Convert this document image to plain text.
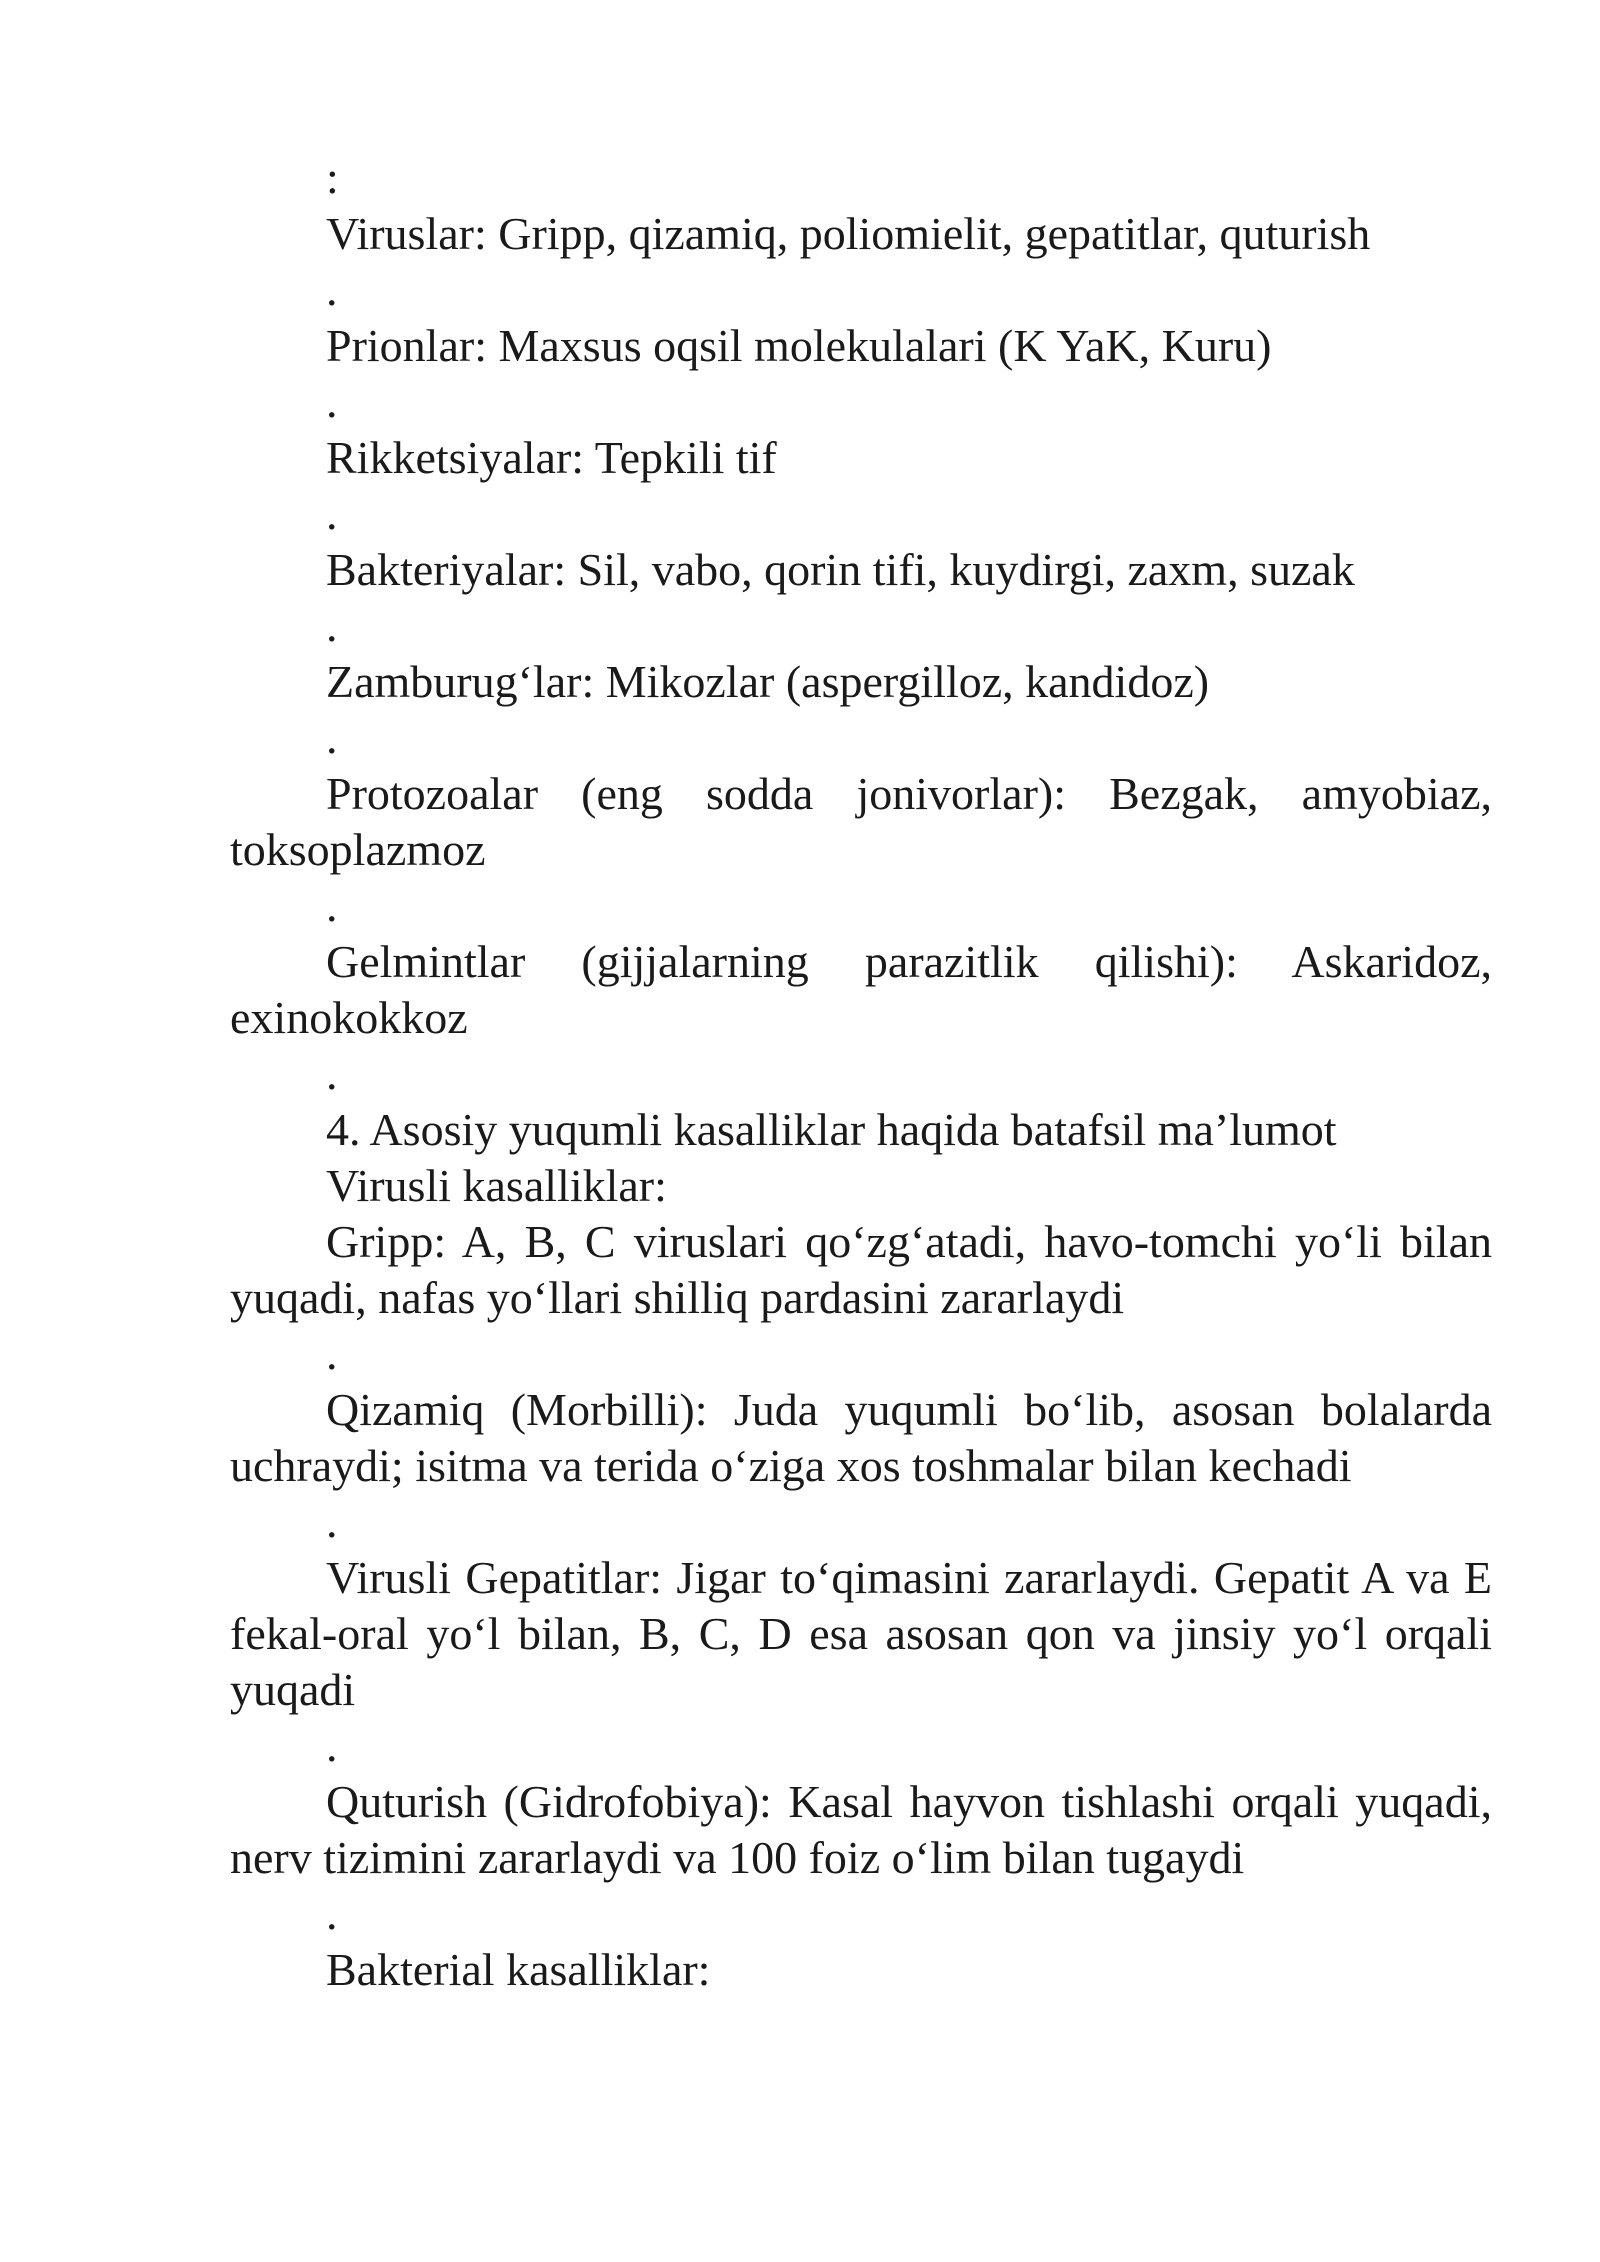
:

Viruslar: Gripp, qizamiq, poliomielit, gepatitlar, quturish

.

Prionlar: Maxsus oqsil molekulalari (K YaK, Kuru)

.

Rikketsiyalar: Tepkili tif

.

Bakteriyalar: Sil, vabo, qorin tifi, kuydirgi, zaxm, suzak

.

Zamburug‘lar: Mikozlar (aspergilloz, kandidoz)

.

Protozoalar (eng sodda jonivorlar): Bezgak, amyobiaz, toksoplazmoz

.

Gelmintlar (gijjalarning parazitlik qilishi): Askaridoz, exinokokkoz

.

4. Asosiy yuqumli kasalliklar haqida batafsil ma’lumot

Virusli kasalliklar:

Gripp: A, B, C viruslari qo‘zg‘atadi, havo-tomchi yo‘li bilan yuqadi, nafas yo‘llari shilliq pardasini zararlaydi

.

Qizamiq (Morbilli): Juda yuqumli bo‘lib, asosan bolalarda uchraydi; isitma va terida o‘ziga xos toshmalar bilan kechadi

.

Virusli Gepatitlar: Jigar to‘qimasini zararlaydi. Gepatit A va E fekal-oral yo‘l bilan, B, C, D esa asosan qon va jinsiy yo‘l orqali yuqadi

.

Quturish (Gidrofobiya): Kasal hayvon tishlashi orqali yuqadi, nerv tizimini zararlaydi va 100 foiz o‘lim bilan tugaydi

.

Bakterial kasalliklar:
